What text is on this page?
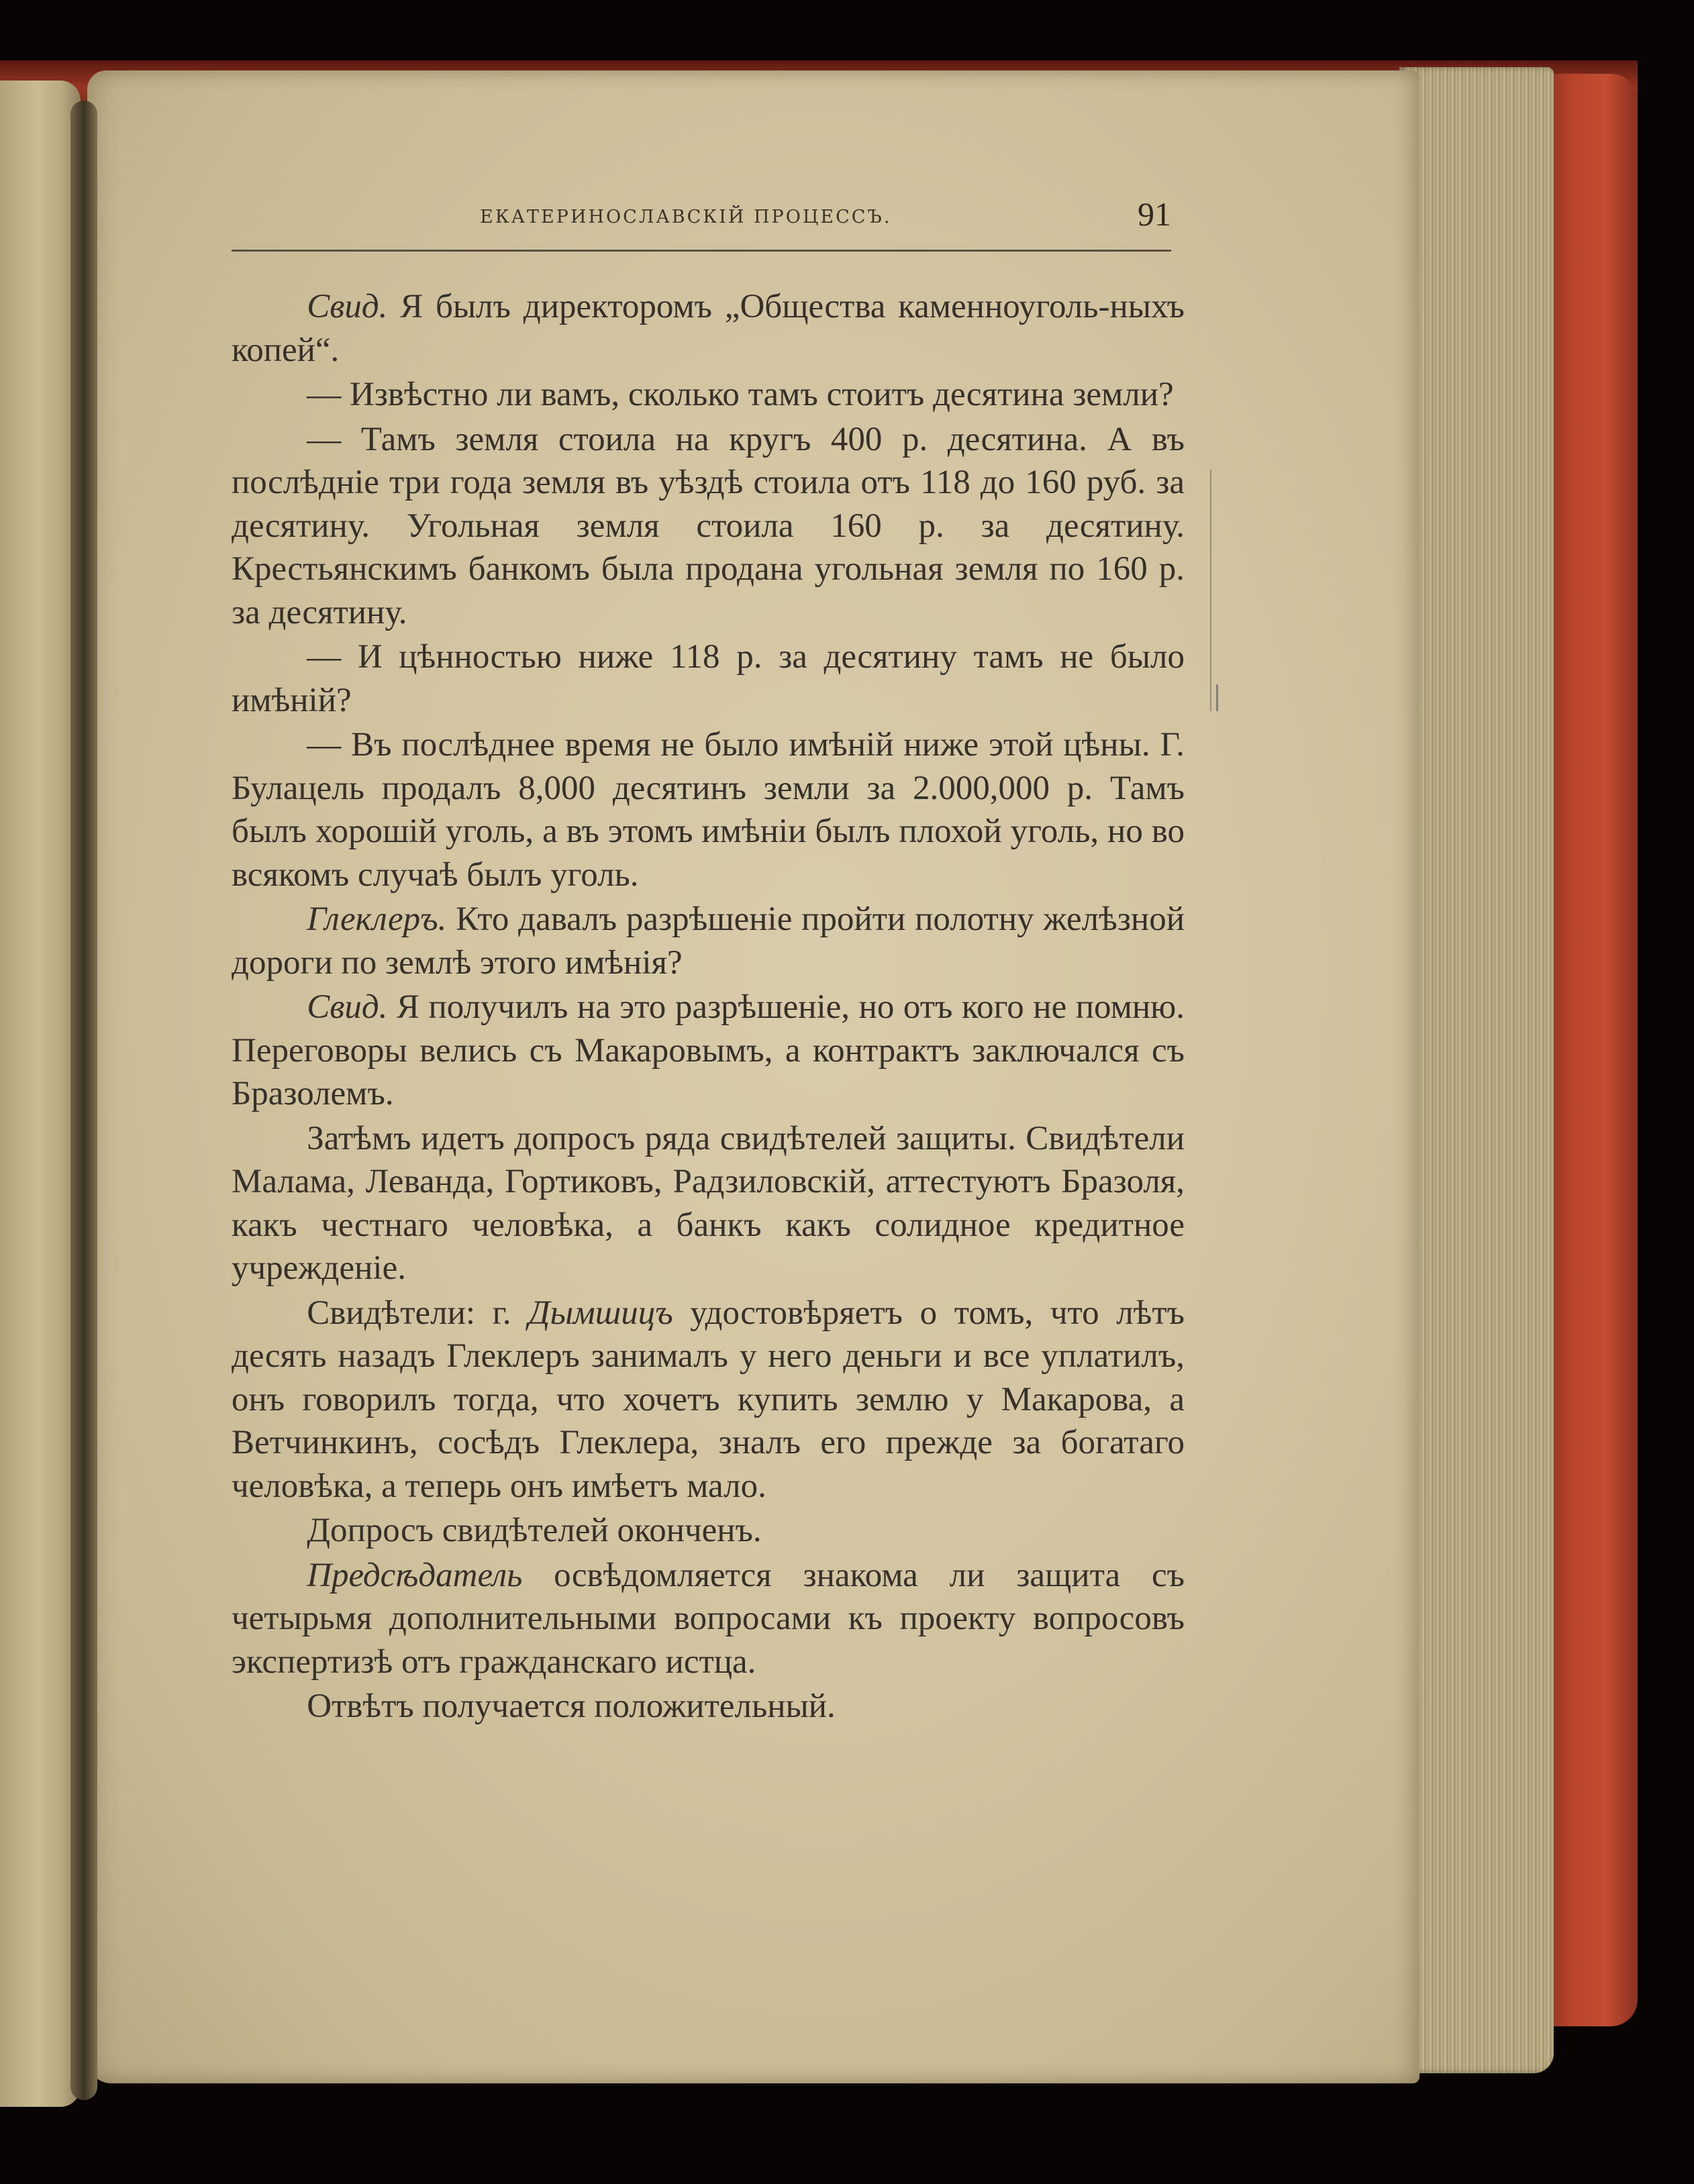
ЕКАТЕРИНОСЛАВСКІЙ ПРОЦЕССЪ.	91

Свид. Я былъ директоромъ „Общества каменноуголь-ныхъ копей“.

— Извѣстно ли вамъ, сколько тамъ стоитъ десятина земли?

— Тамъ земля стоила на кругъ 400 р. десятина. А въ послѣдніе три года земля въ уѣздѣ стоила отъ 118 до 160 руб. за десятину. Угольная земля стоила 160 р. за десятину. Крестьянскимъ банкомъ была продана угольная земля по 160 р. за десятину.

— И цѣнностью ниже 118 р. за десятину тамъ не было имѣній?

— Въ послѣднее время не было имѣній ниже этой цѣны. Г. Булацель продалъ 8,000 десятинъ земли за 2.000,000 р. Тамъ былъ хорошій уголь, а въ этомъ имѣніи былъ плохой уголь, но во всякомъ случаѣ былъ уголь.

Глеклеръ. Кто давалъ разрѣшеніе пройти полотну желѣзной дороги по землѣ этого имѣнія?

Свид. Я получилъ на это разрѣшеніе, но отъ кого не помню. Переговоры велись съ Макаровымъ, а контрактъ заключался съ Бразолемъ.

Затѣмъ идетъ допросъ ряда свидѣтелей защиты. Свидѣтели Малама, Леванда, Гортиковъ, Радзиловскій, аттестуютъ Бразоля, какъ честнаго человѣка, а банкъ какъ солидное кредитное учрежденіе.

Свидѣтели: г. Дымшицъ удостовѣряетъ о томъ, что лѣтъ десять назадъ Глеклеръ занималъ у него деньги и все уплатилъ, онъ говорилъ тогда, что хочетъ купить землю у Макарова, а Ветчинкинъ, сосѣдъ Глеклера, зналъ его прежде за богатаго человѣка, а теперь онъ имѣетъ мало.

Допросъ свидѣтелей оконченъ.

Предсѣдатель освѣдомляется знакома ли защита съ четырьмя дополнительными вопросами къ проекту вопросовъ экспертизѣ отъ гражданскаго истца.

Отвѣтъ получается положительный.
